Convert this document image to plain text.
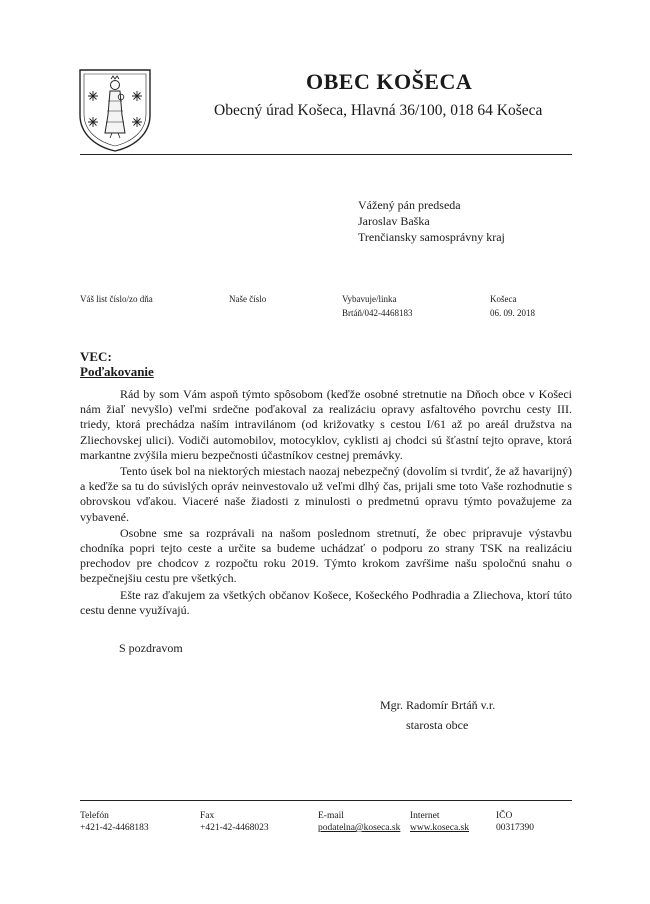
OBEC KOŠECA
Obecný úrad Košeca, Hlavná 36/100, 018 64 Košeca
Vážený pán predseda
Jaroslav Baška
Trenčiansky samosprávny kraj
Váš list číslo/zo dňa	Naše číslo	Vybavuje/linka
Brtáň/042-4468183
Košeca
06. 09. 2018
VEC:
Poďakovanie

Rád by som Vám aspoň týmto spôsobom (keďže osobné stretnutie na Dňoch obce v Košeci nám žiaľ nevyšlo) veľmi srdečne poďakoval za realizáciu opravy asfaltového povrchu cesty III. triedy, ktorá prechádza naším intravilánom (od križovatky s cestou I/61 až po areál družstva na Zliechovskej ulici). Vodiči automobilov, motocyklov, cyklisti aj chodci sú šťastní tejto oprave, ktorá markantne zvýšila mieru bezpečnosti účastníkov cestnej premávky.

Tento úsek bol na niektorých miestach naozaj nebezpečný (dovolím si tvrdiť, že až havarijný) a keďže sa tu do súvislých opráv neinvestovalo už veľmi dlhý čas, prijali sme toto Vaše rozhodnutie s obrovskou vďakou. Viaceré naše žiadosti z minulosti o predmetnú opravu týmto považujeme za vybavené.

Osobne sme sa rozprávali na našom poslednom stretnutí, že obec pripravuje výstavbu chodníka popri tejto ceste a určite sa budeme uchádzať o podporu zo strany TSK na realizáciu prechodov pre chodcov z rozpočtu roku 2019. Týmto krokom zavŕšime našu spoločnú snahu o bezpečnejšiu cestu pre všetkých.

Ešte raz ďakujem za všetkých občanov Košece, Košeckého Podhradia a Zliechova, ktorí túto cestu denne využívajú.

S pozdravom
Mgr. Radomír Brtáň v.r.
starosta obce
Telefón
+421-42-4468183
Fax
+421-42-4468023
E-mail
podatelna@koseca.sk
Internet
www.koseca.sk
IČO
00317390
